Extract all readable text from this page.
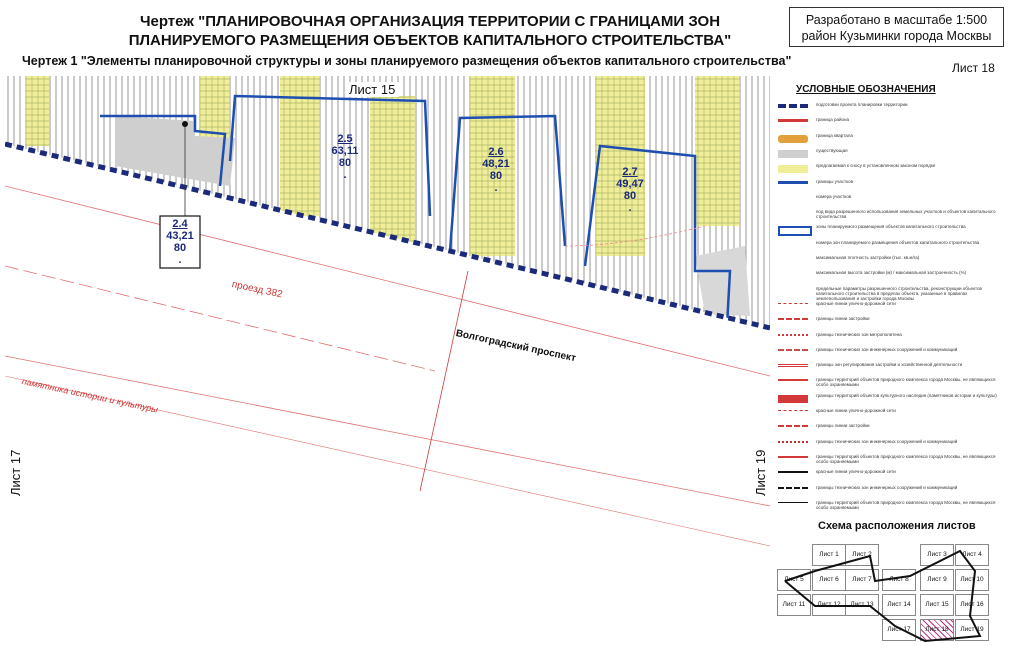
Чертеж "ПЛАНИРОВОЧНАЯ ОРГАНИЗАЦИЯ ТЕРРИТОРИИ С ГРАНИЦАМИ ЗОН
ПЛАНИРУЕМОГО РАЗМЕЩЕНИЯ ОБЪЕКТОВ КАПИТАЛЬНОГО СТРОИТЕЛЬСТВА"
Разработано в масштабе 1:500
район Кузьминки города Москвы
Чертеж 1 "Элементы планировочной структуры и зоны планируемого размещения объектов капитального строительства"	Лист 18
2.4
43,21
80
.
2.5
63,11
80
.
2.6
48,21
80
.
2.7
49,47
80
.
Лист 15
Волгоградский проспект
проезд 382
памятника истории и культуры
Лист 17	Лист 19
УСЛОВНЫЕ ОБОЗНАЧЕНИЯ
подготовки проекта планировки территории
граница района
граница квартала
существующая
предлагаемая к сносу в установленном законом порядке
границы участков
номера участков
под вида разрешенного использования земельных участков и объектов капитального строительства
зоны планируемого размещения объектов капитального строительства
номера зон планируемого размещения объектов капитального строительства
максимальная плотность застройки (тыс. кв.м/га)
максимальная высота застройки (м) / максимальная застроенность (%)
предельные параметры разрешенного строительства, реконструкции объектов капитального строительства в пределах объекта, указанные в правилах землепользования и застройки города Москвы
красные линии улично-дорожной сети
границы линии застройки
границы технических зон метрополитена
границы технических зон инженерных сооружений и коммуникаций
границы зон регулирования застройки и хозяйственной деятельности
границы территорий объектов природного комплекса города Москвы, не являющихся особо охраняемыми
границы территорий объектов культурного наследия (памятников истории и культуры)
красные линии улично-дорожной сети
границы линии застройки
границы технических зон инженерных сооружений и коммуникаций
границы территорий объектов природного комплекса города Москвы, не являющихся особо охраняемыми
красные линии улично-дорожной сети
границы технических зон инженерных сооружений и коммуникаций
границы территорий объектов природного комплекса города Москвы, не являющихся особо охраняемыми
Схема расположения листов
Лист 1	Лист 2	Лист 3	Лист 4
Лист 5	Лист 6	Лист 7	Лист 8	Лист 9	Лист 10
Лист 11	Лист 12	Лист 13	Лист 14	Лист 15	Лист 16
Лист 17	Лист 18	Лист 19
